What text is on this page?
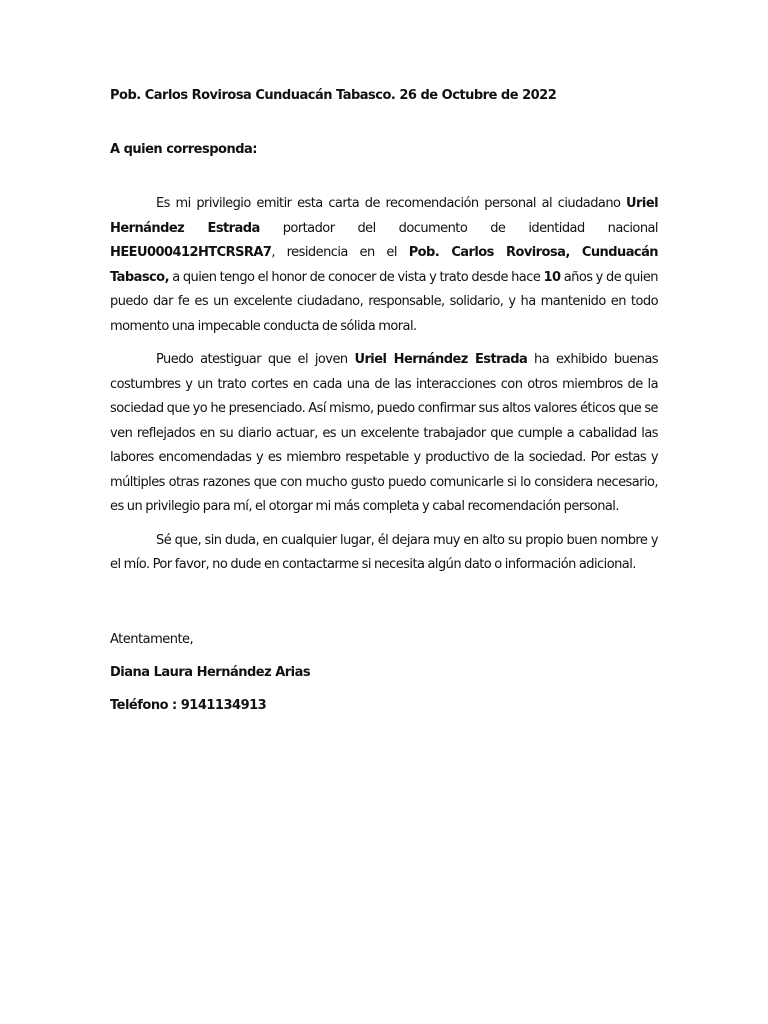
Pob. Carlos Rovirosa Cunduacán Tabasco. 26 de Octubre de 2022

A quien corresponda:

Es mi privilegio emitir esta carta de recomendación personal al ciudadano Uriel Hernández Estrada portador del documento de identidad nacional HEEU000412HTCRSRA7, residencia en el Pob. Carlos Rovirosa, Cunduacán Tabasco, a quien tengo el honor de conocer de vista y trato desde hace 10 años y de quien puedo dar fe es un excelente ciudadano, responsable, solidario, y ha mantenido en todo momento una impecable conducta de sólida moral.

Puedo atestiguar que el joven Uriel Hernández Estrada ha exhibido buenas costumbres y un trato cortes en cada una de las interacciones con otros miembros de la sociedad que yo he presenciado. Así mismo, puedo confirmar sus altos valores éticos que se ven reflejados en su diario actuar, es un excelente trabajador que cumple a cabalidad las labores encomendadas y es miembro respetable y productivo de la sociedad. Por estas y múltiples otras razones que con mucho gusto puedo comunicarle si lo considera necesario, es un privilegio para mí, el otorgar mi más completa y cabal recomendación personal.

Sé que, sin duda, en cualquier lugar, él dejara muy en alto su propio buen nombre y el mío. Por favor, no dude en contactarme si necesita algún dato o información adicional.

Atentamente,

Diana Laura Hernández Arias

Teléfono : 9141134913
